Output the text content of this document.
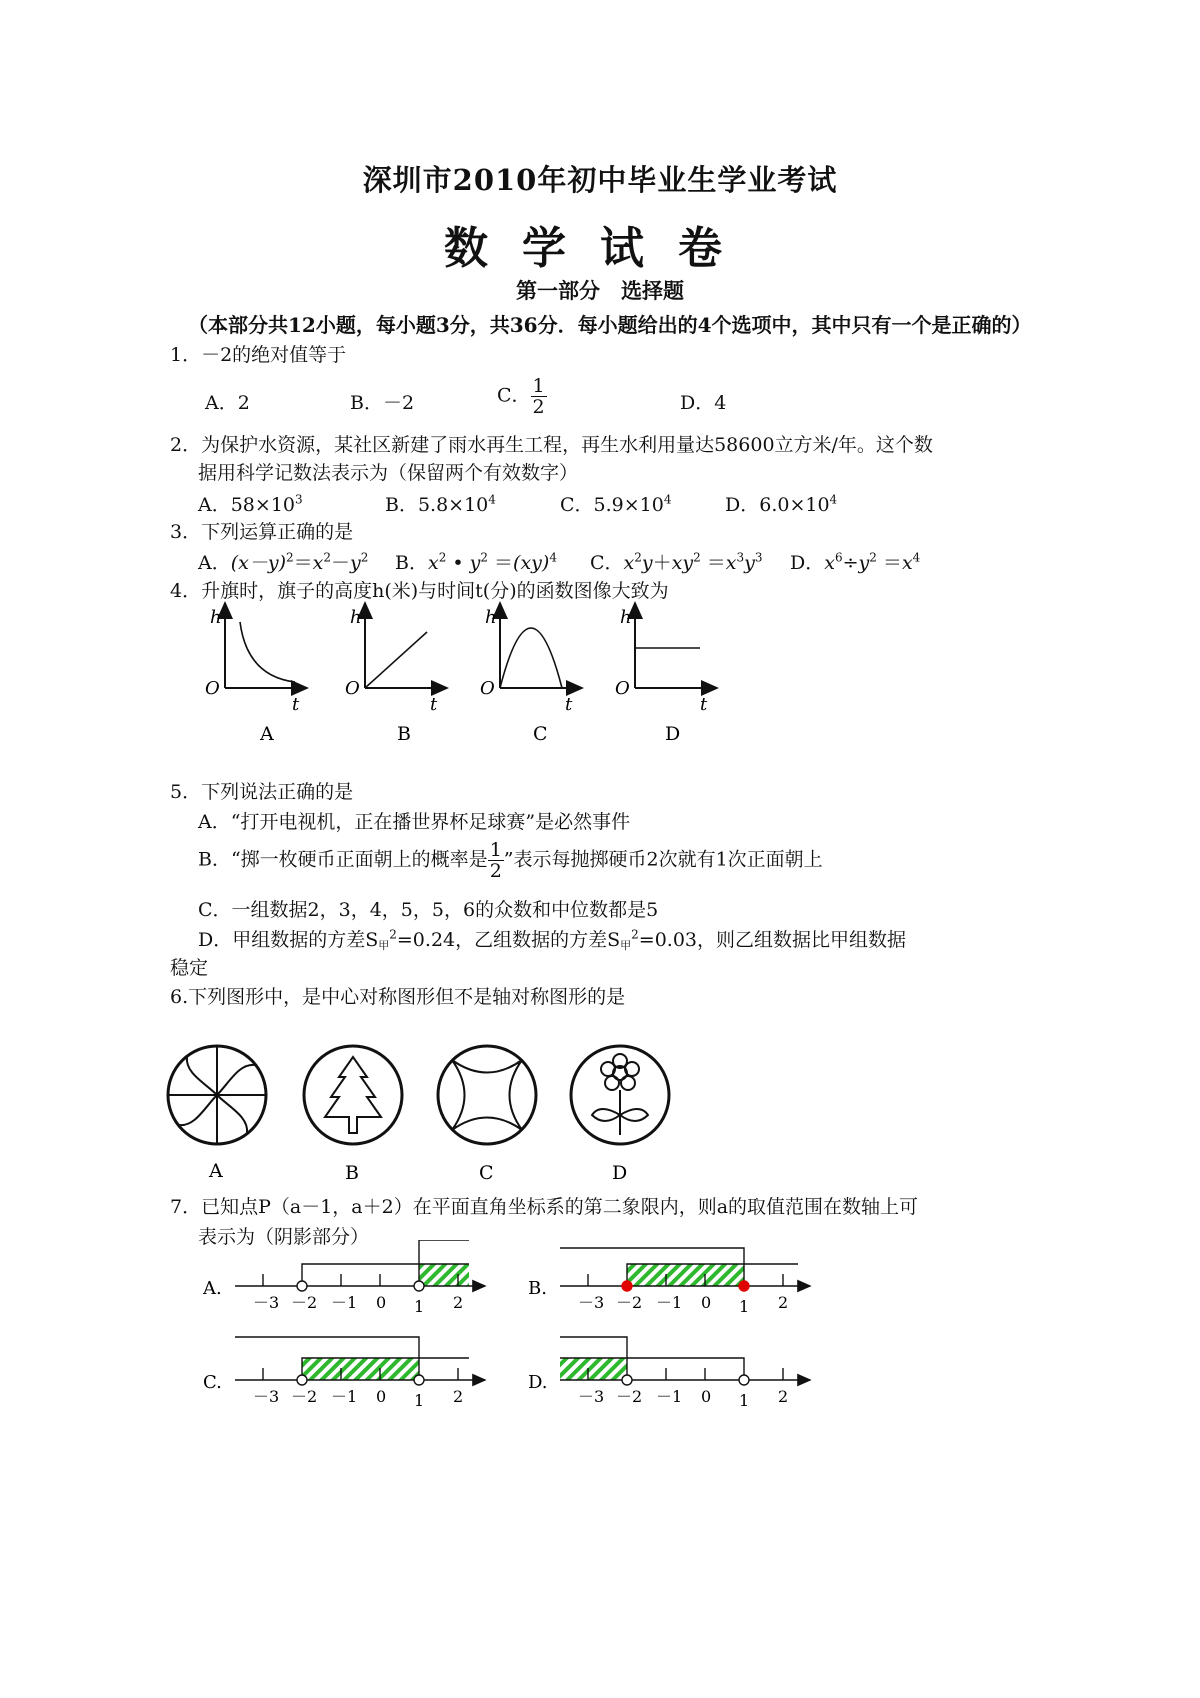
深圳市2010年初中毕业生学业考试
数学试卷
第一部分　选择题
（本部分共12小题，每小题3分，共36分．每小题给出的4个选项中，其中只有一个是正确的）
1．－2的绝对值等于
A．2	B．－2	C． $\frac{1}{2}$	D．4
2．为保护水资源，某社区新建了雨水再生工程，再生水利用量达58600立方米/年。这个数
据用科学记数法表示为（保留两个有效数字）
A．$58\times 10^3$	B．$5.8\times 10^4$	C．$5.9\times 10^4$	D．$6.0\times 10^4$
3．下列运算正确的是
A．$(x-y)^2=x^2-y^2$ B．$x^2$ • $y^2 =(xy)^4$ C．$x^2y+xy^2 =x^3y^3$ D．$x^6\div y^2 =x^4$
4．升旗时，旗子的高度h(米)与时间t(分)的函数图像大致为
h
O
t
A
h
O
t
B
h
O
t
C
h
O
t
D
5．下列说法正确的是
A．“打开电视机，正在播世界杯足球赛”是必然事件
B．“掷一枚硬币正面朝上的概率是 $\frac{1}{2}$ ”表示每抛掷硬币2次就有1次正面朝上
C．一组数据2，3，4，5，5，6的众数和中位数都是5
D．甲组数据的方差S甲$^2$=0.24，乙组数据的方差S甲$^2$=0.03，则乙组数据比甲组数据
稳定
6.下列图形中，是中心对称图形但不是轴对称图形的是
A	B	C	D
7．已知点P（a－1，a＋2）在平面直角坐标系的第二象限内，则a的取值范围在数轴上可
表示为（阴影部分）
A.
－3 －2 －1 0 1 2
B.
－3 －2 －1 0 1 2
C.
－3 －2 －1 0 1 2
D.
－3 －2 －1 0 1 2
